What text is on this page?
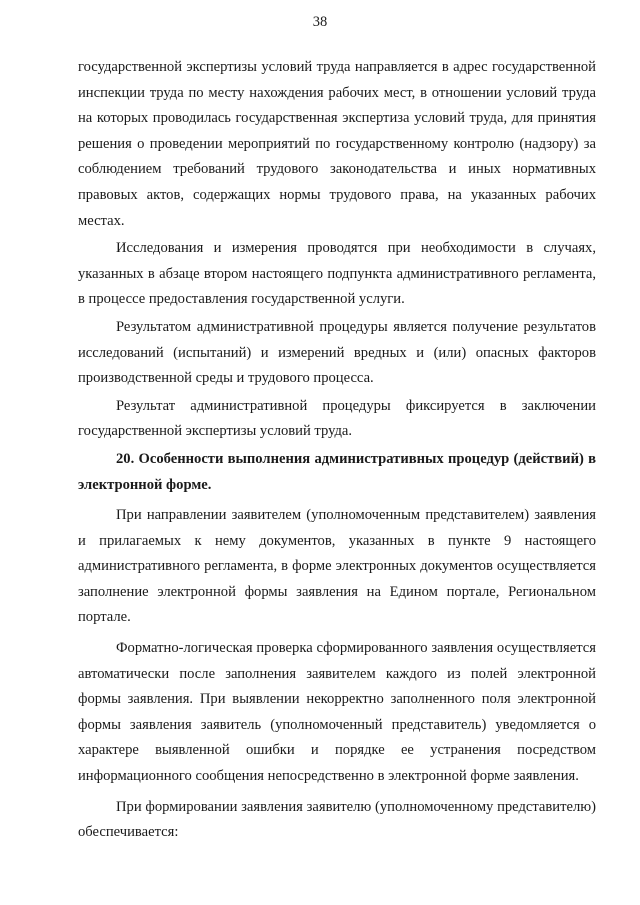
38

государственной экспертизы условий труда направляется в адрес государственной инспекции труда по месту нахождения рабочих мест, в отношении условий труда на которых проводилась государственная экспертиза условий труда, для принятия решения о проведении мероприятий по государственному контролю (надзору) за соблюдением требований трудового законодательства и иных нормативных правовых актов, содержащих нормы трудового права, на указанных рабочих местах.

Исследования и измерения проводятся при необходимости в случаях, указанных в абзаце втором настоящего подпункта административного регламента, в процессе предоставления государственной услуги.

Результатом административной процедуры является получение результатов исследований (испытаний) и измерений вредных и (или) опасных факторов производственной среды и трудового процесса.

Результат административной процедуры фиксируется в заключении государственной экспертизы условий труда.

20. Особенности выполнения административных процедур (действий) в электронной форме.

При направлении заявителем (уполномоченным представителем) заявления и прилагаемых к нему документов, указанных в пункте 9 настоящего административного регламента, в форме электронных документов осуществляется заполнение электронной формы заявления на Едином портале, Региональном портале.

Форматно-логическая проверка сформированного заявления осуществляется автоматически после заполнения заявителем каждого из полей электронной формы заявления. При выявлении некорректно заполненного поля электронной формы заявления заявитель (уполномоченный представитель) уведомляется о характере выявленной ошибки и порядке ее устранения посредством информационного сообщения непосредственно в электронной форме заявления.

При формировании заявления заявителю (уполномоченному представителю) обеспечивается:
